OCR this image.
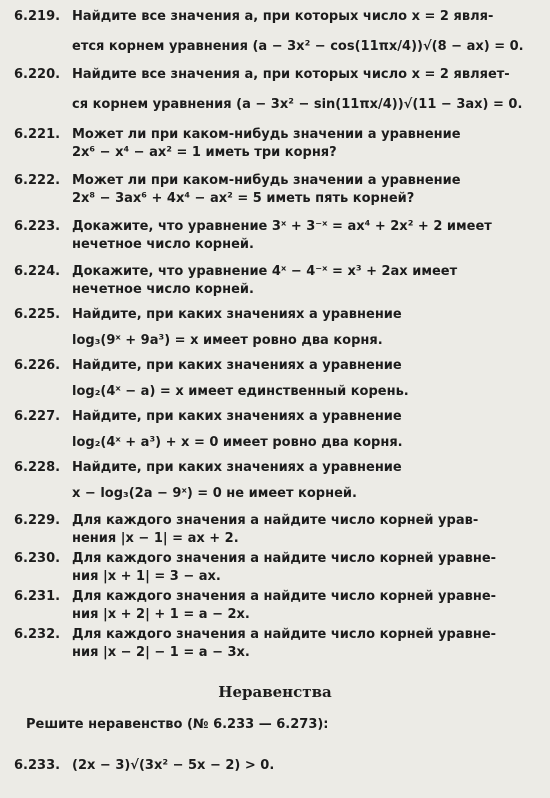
6.219. Найдите все значения a, при которых число x = 2 явля-
ется корнем уравнения (a − 3x² − cos(11πx/4))√(8 − ax) = 0.
6.220. Найдите все значения a, при которых число x = 2 являет-
ся корнем уравнения (a − 3x² − sin(11πx/4))√(11 − 3ax) = 0.
6.221. Может ли при каком-нибудь значении a уравнение
2x⁶ − x⁴ − ax² = 1 иметь три корня?
6.222. Может ли при каком-нибудь значении a уравнение
2x⁸ − 3ax⁶ + 4x⁴ − ax² = 5 иметь пять корней?
6.223. Докажите, что уравнение 3ˣ + 3⁻ˣ = ax⁴ + 2x² + 2 имеет
нечетное число корней.
6.224. Докажите, что уравнение 4ˣ − 4⁻ˣ = x³ + 2ax имеет
нечетное число корней.
6.225. Найдите, при каких значениях a уравнение
log₃(9ˣ + 9a³) = x имеет ровно два корня.
6.226. Найдите, при каких значениях a уравнение
log₂(4ˣ − a) = x имеет единственный корень.
6.227. Найдите, при каких значениях a уравнение
log₂(4ˣ + a³) + x = 0 имеет ровно два корня.
6.228. Найдите, при каких значениях a уравнение
x − log₃(2a − 9ˣ) = 0 не имеет корней.
6.229. Для каждого значения a найдите число корней урав-
нения |x − 1| = ax + 2.
6.230. Для каждого значения a найдите число корней уравне-
ния |x + 1| = 3 − ax.
6.231. Для каждого значения a найдите число корней уравне-
ния |x + 2| + 1 = a − 2x.
6.232. Для каждого значения a найдите число корней уравне-
ния |x − 2| − 1 = a − 3x.
Неравенства
Решите неравенство (№ 6.233 — 6.273):
6.233. (2x − 3)√(3x² − 5x − 2) > 0.
